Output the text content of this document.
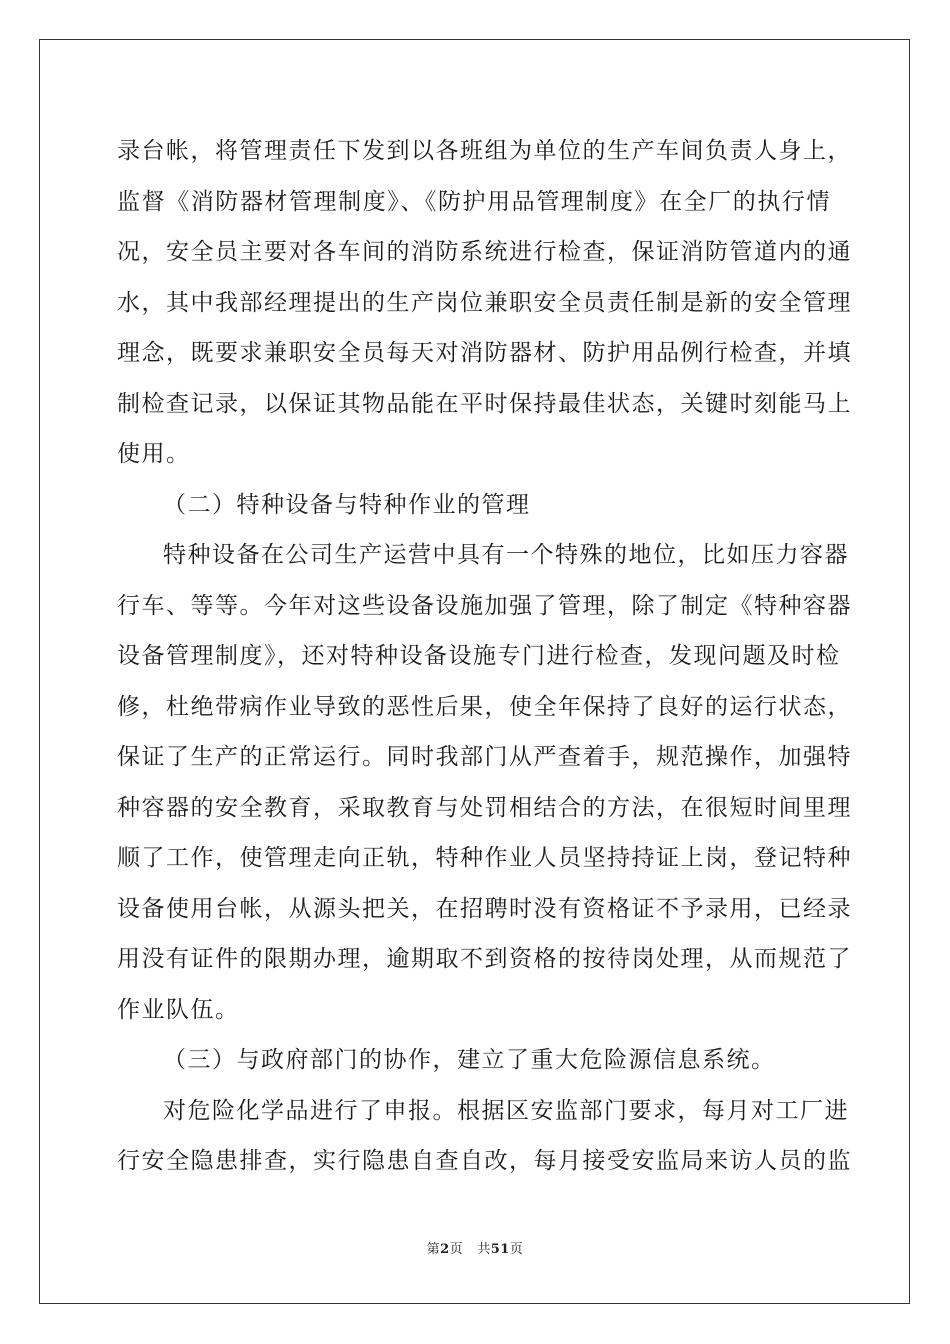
录台帐，将管理责任下发到以各班组为单位的生产车间负责人身上，
监督《消防器材管理制度》、《防护用品管理制度》在全厂的执行情
况，安全员主要对各车间的消防系统进行检查，保证消防管道内的通
水，其中我部经理提出的生产岗位兼职安全员责任制是新的安全管理
理念，既要求兼职安全员每天对消防器材、防护用品例行检查，并填
制检查记录，以保证其物品能在平时保持最佳状态，关键时刻能马上
使用。
（二）特种设备与特种作业的管理
特种设备在公司生产运营中具有一个特殊的地位，比如压力容器
行车、等等。今年对这些设备设施加强了管理，除了制定《特种容器
设备管理制度》，还对特种设备设施专门进行检查，发现问题及时检
修，杜绝带病作业导致的恶性后果，使全年保持了良好的运行状态，
保证了生产的正常运行。同时我部门从严查着手，规范操作，加强特
种容器的安全教育，采取教育与处罚相结合的方法，在很短时间里理
顺了工作，使管理走向正轨，特种作业人员坚持持证上岗，登记特种
设备使用台帐，从源头把关，在招聘时没有资格证不予录用，已经录
用没有证件的限期办理，逾期取不到资格的按待岗处理，从而规范了
作业队伍。
（三）与政府部门的协作，建立了重大危险源信息系统。
对危险化学品进行了申报。根据区安监部门要求，每月对工厂进
行安全隐患排查，实行隐患自查自改，每月接受安监局来访人员的监
第2页 共51页
